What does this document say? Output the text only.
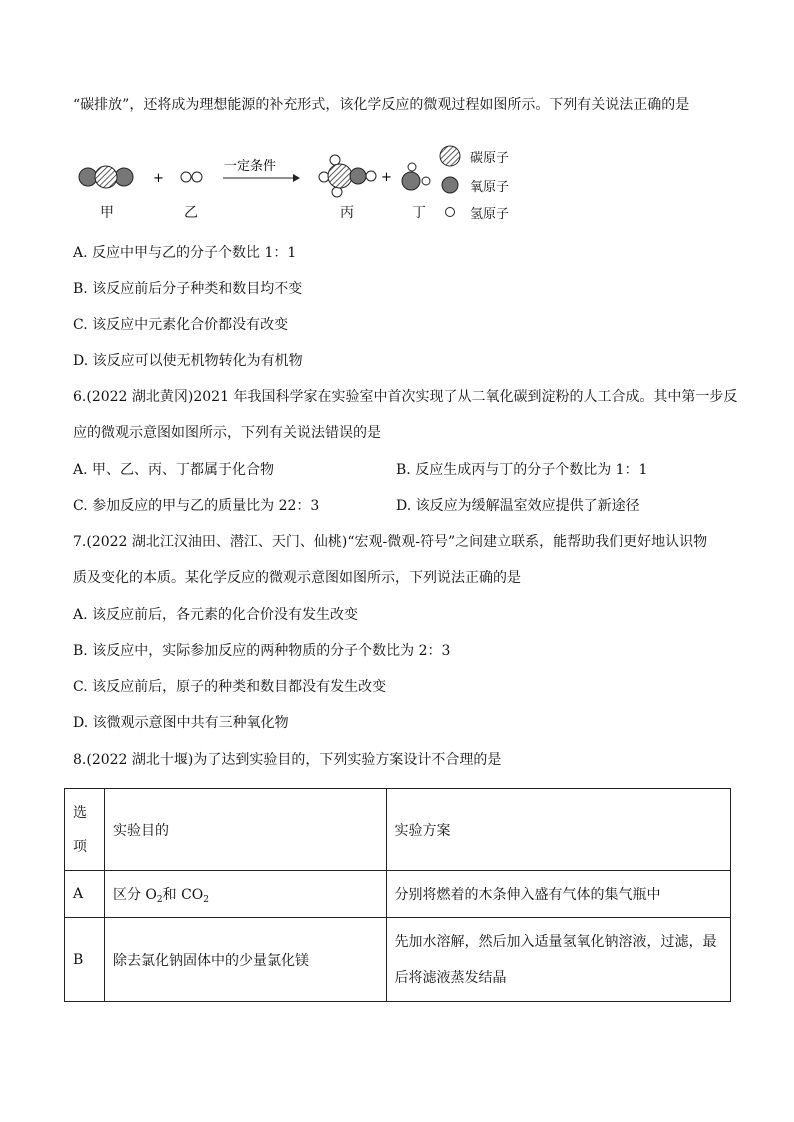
“碳排放”，还将成为理想能源的补充形式，该化学反应的微观过程如图所示。下列有关说法正确的是
+
一定条件
+
甲	乙	丙	丁
碳原子
氧原子
氢原子
A. 反应中甲与乙的分子个数比 1：1
B. 该反应前后分子种类和数目均不变
C. 该反应中元素化合价都没有改变
D. 该反应可以使无机物转化为有机物
6.(2022 湖北黄冈)2021 年我国科学家在实验室中首次实现了从二氧化碳到淀粉的人工合成。其中第一步反
应的微观示意图如图所示，下列有关说法错误的是
A. 甲、乙、丙、丁都属于化合物	B. 反应生成丙与丁的分子个数比为 1：1
C. 参加反应的甲与乙的质量比为 22：3	D. 该反应为缓解温室效应提供了新途径
7.(2022 湖北江汉油田、潜江、天门、仙桃)“宏观-微观-符号”之间建立联系，能帮助我们更好地认识物
质及变化的本质。某化学反应的微观示意图如图所示，下列说法正确的是
A. 该反应前后，各元素的化合价没有发生改变
B. 该反应中，实际参加反应的两种物质的分子个数比为 2：3
C. 该反应前后，原子的种类和数目都没有发生改变
D. 该微观示意图中共有三种氧化物
8.(2022 湖北十堰)为了达到实验目的，下列实验方案设计不合理的是
选
项	实验目的	实验方案
A	区分 $O_2$和 $CO_2$	分别将燃着的木条伸入盛有气体的集气瓶中
B	除去氯化钠固体中的少量氯化镁	先加水溶解，然后加入适量氢氧化钠溶液，过滤，最
后将滤液蒸发结晶
